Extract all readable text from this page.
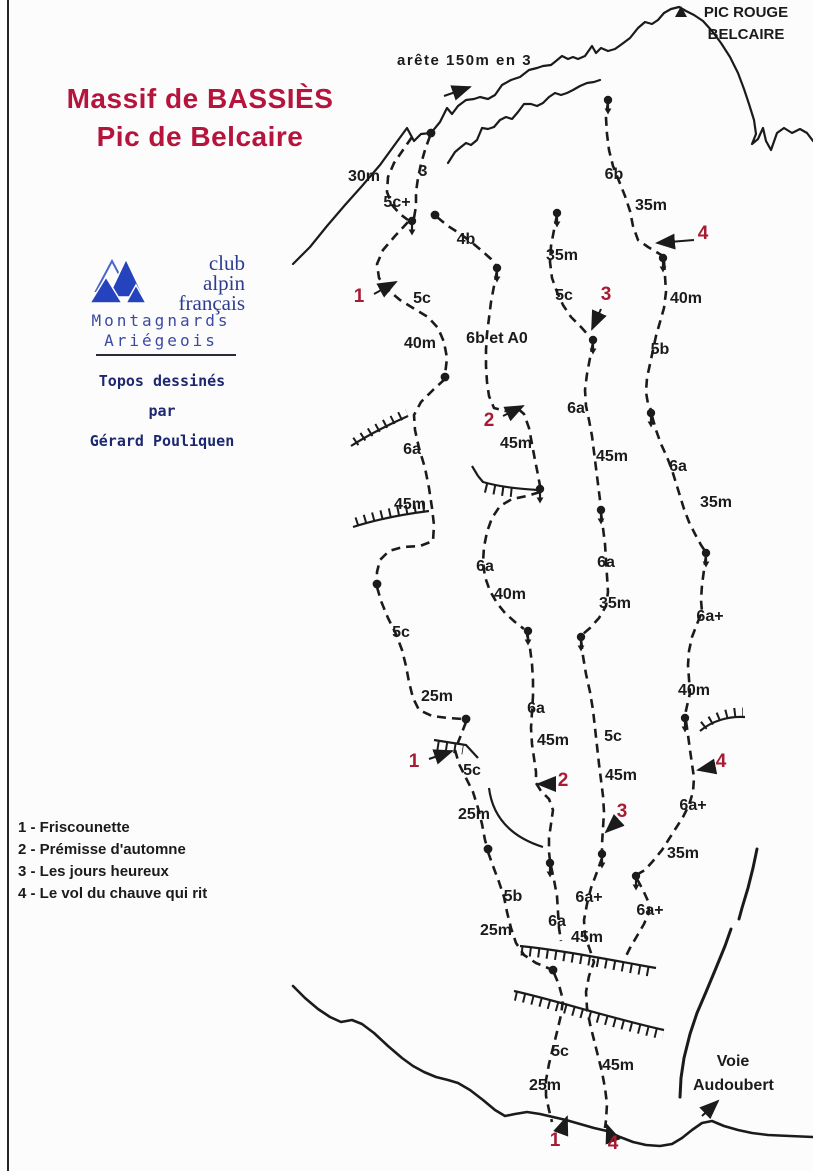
30m 3
5c+
4b
6b
35m
35m
5c	40m
5c
40m 6b et A0
5b
6a
45m
6a	45m
6a
45m	35m
6a
40m
6a
35m
6a+
5c
40m
25m
6a
45m 5c
5c	45m
6a+
25m
35m
5b
25m
6a
6a+
45m
6a+
5c
45m
25m
1
2
3
4
1
2
3
4
1 4
Massif de BASSIÈS
Pic de Belcaire
PIC ROUGE
BELCAIRE
arête 150m en 3
club
alpin
français
Montagnards
Ariégeois
Topos dessinés par
Gérard Pouliquen
1 - Friscounette
2 - Prémisse d'automne
3 - Les jours heureux
4 - Le vol du chauve qui rit
Voie
Audoubert
